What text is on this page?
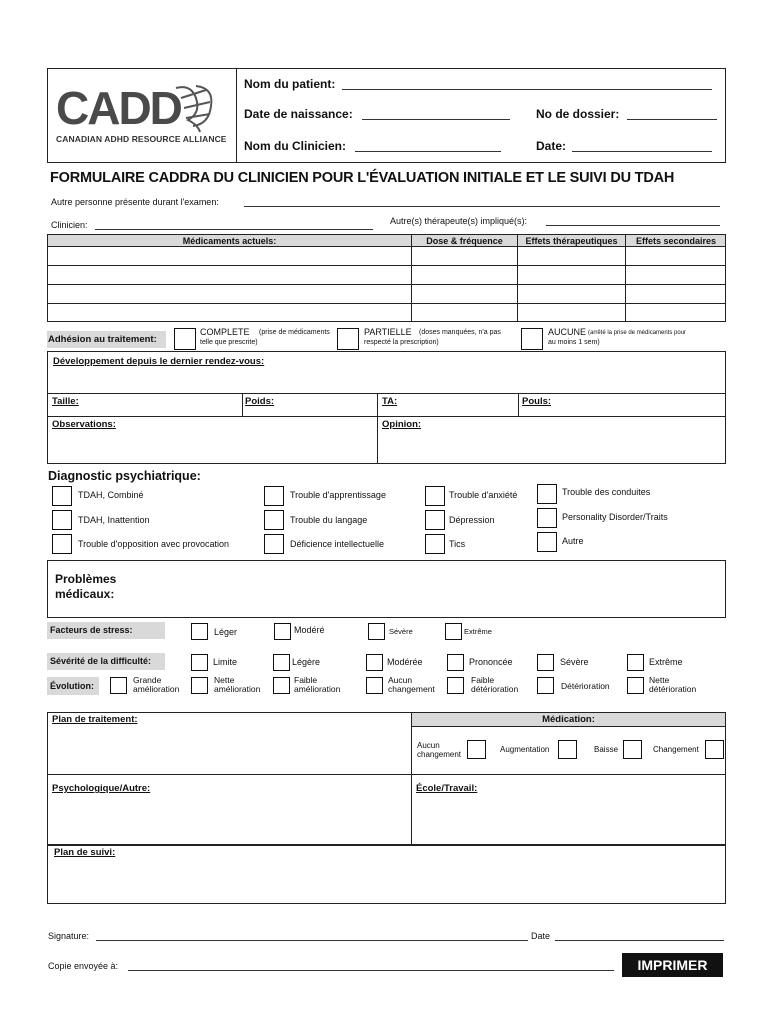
CADD
CANADIAN ADHD RESOURCE ALLIANCE
Nom du patient:
Date de naissance:	No de dossier:
Nom du Clinicien:	Date:
FORMULAIRE CADDRA DU CLINICIEN POUR L'ÉVALUATION INITIALE ET LE SUIVI DU TDAH
Autre personne présente durant l'examen:
Autre(s) thérapeute(s) impliqué(s):
Clinicien:
Médicaments actuels:	Dose & fréquence	Effets thérapeutiques	Effets secondaires
Adhésion au traitement:
COMPLETE (prise de médicaments
telle que prescrite)
PARTIELLE (doses manquées, n'a pas
respecté la prescription)
AUCUNE (arrêté la prise de médicaments pour
au moins 1 sem)
Développement depuis le dernier rendez-vous:
Taille:	Poids:	TA:	Pouls:
Observations:	Opinion:
Diagnostic psychiatrique:
TDAH, Combiné
TDAH, Inattention
Trouble d'opposition avec provocation
Trouble d'apprentissage
Trouble du langage
Déficience intellectuelle
Trouble d'anxiété
Dépression
Tics
Trouble des conduites
Personality Disorder/Traits
Autre
Problèmes
médicaux:
Facteurs de stress:	Léger	Modéré	Sévère	Extrême
Sévérité de la difficulté:	Limite	Légère	Modérée	Prononcée	Sévère	Extrême
Évolution:
Grande
amélioration
Nette
amélioration
Faible
amélioration
Aucun
changement
Faible
détérioration	Détérioration
Nette
détérioration
Médication:
Plan de traitement:
Aucun
changement
Augmentation	Baisse	Changement
Psychologique/Autre:	École/Travail:
Plan de suivi:
Signature:	Date
Copie envoyée à:	IMPRIMER
